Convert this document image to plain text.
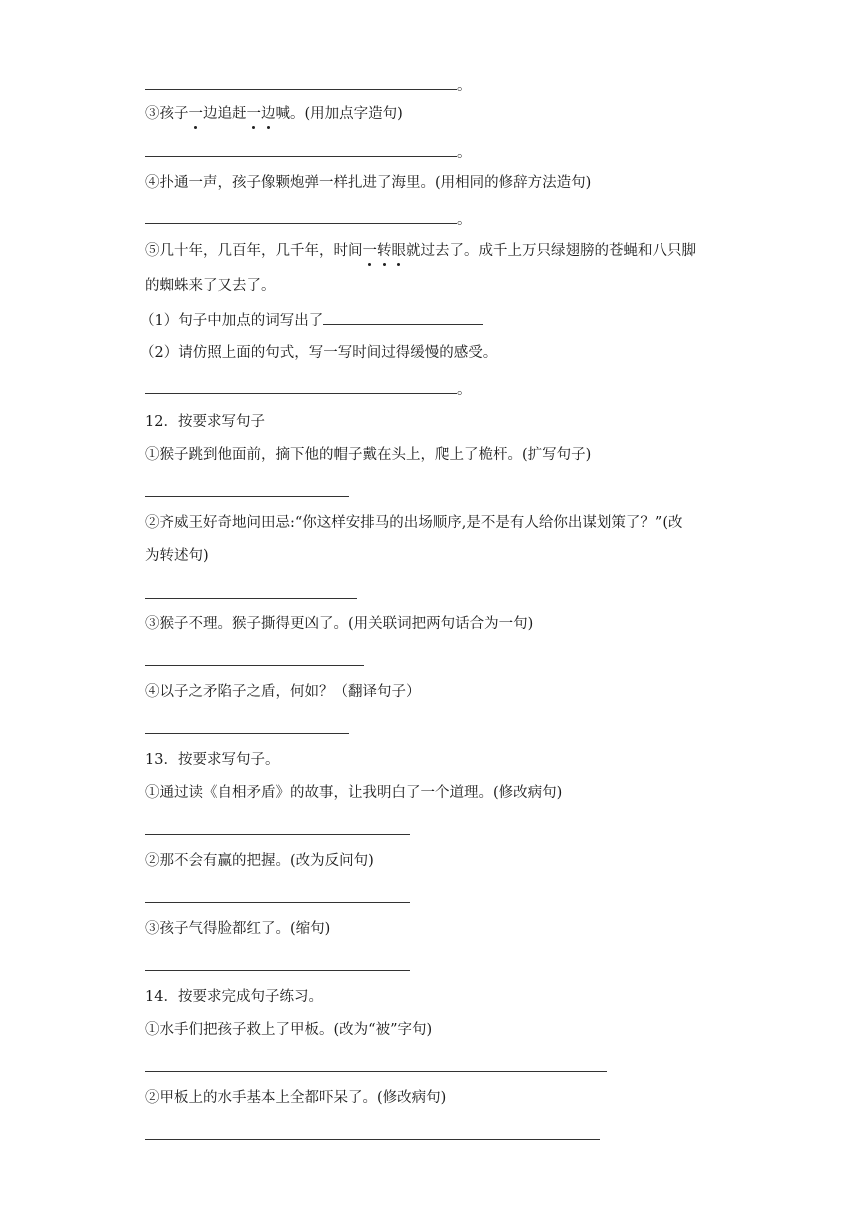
。
③孩子一边追赶一边喊。(用加点字造句)
。
④扑通一声，孩子像颗炮弹一样扎进了海里。(用相同的修辞方法造句)
。
⑤几十年，几百年，几千年，时间一转眼就过去了。成千上万只绿翅膀的苍蝇和八只脚
的蜘蛛来了又去了。
（1）句子中加点的词写出了
（2）请仿照上面的句式，写一写时间过得缓慢的感受。
。
12．按要求写句子
①猴子跳到他面前，摘下他的帽子戴在头上，爬上了桅杆。(扩写句子)
②齐威王好奇地问田忌:“你这样安排马的出场顺序,是不是有人给你出谋划策了？”(改
为转述句)
③猴子不理。猴子撕得更凶了。(用关联词把两句话合为一句)
④以子之矛陷子之盾，何如？（翻译句子）
13．按要求写句子。
①通过读《自相矛盾》的故事，让我明白了一个道理。(修改病句)
②那不会有赢的把握。(改为反问句)
③孩子气得脸都红了。(缩句)
14．按要求完成句子练习。
①水手们把孩子救上了甲板。(改为“被”字句)
②甲板上的水手基本上全都吓呆了。(修改病句)
